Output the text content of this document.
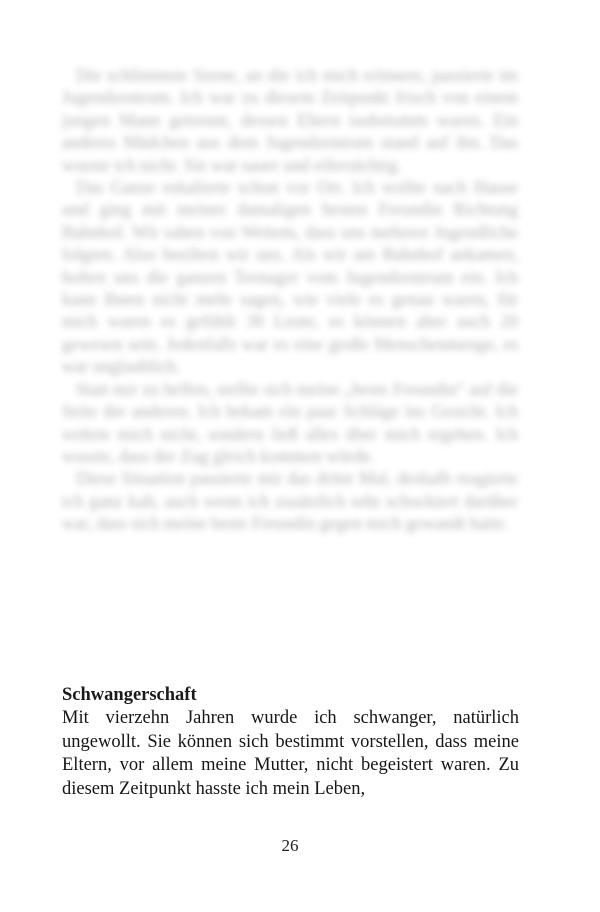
Die schlimmste Szene, an die ich mich erinnere, passierte im Jugendzentrum. Ich war zu diesem Zeitpunkt frisch von einem jungen Mann getrennt, dessen Eltern taubstumm waren. Ein anderes Mädchen aus dem Jugendzentrum stand auf ihn. Das wusste ich nicht. Sie war sauer und eifersüchtig.

Das Ganze eskalierte schon vor Ort. Ich wollte nach Hause und ging mit meiner damaligen besten Freundin Richtung Bahnhof. Wir sahen von Weitem, dass uns mehrere Jugendliche folgten. Also beeilten wir uns. Als wir am Bahnhof ankamen, holten uns die ganzen Teenager vom Jugendzentrum ein. Ich kann Ihnen nicht mehr sagen, wie viele es genau waren, für mich waren es gefühlt 30 Leute, es können aber auch 20 gewesen sein. Jedenfalls war es eine große Menschenmenge, es war unglaublich.

Statt mir zu helfen, stellte sich meine „beste Freundin“ auf die Seite der anderen. Ich bekam ein paar Schläge ins Gesicht. Ich wehrte mich nicht, sondern ließ alles über mich ergehen. Ich wusste, dass der Zug gleich kommen würde.

Diese Situation passierte mir das dritte Mal, deshalb reagierte ich ganz kalt, auch wenn ich zusätzlich sehr schockiert darüber war, dass sich meine beste Freundin gegen mich gewandt hatte.

Schwangerschaft

Mit vierzehn Jahren wurde ich schwanger, natürlich ungewollt. Sie können sich bestimmt vorstellen, dass meine Eltern, vor allem meine Mutter, nicht begeistert waren. Zu diesem Zeitpunkt hasste ich mein Leben,

26
